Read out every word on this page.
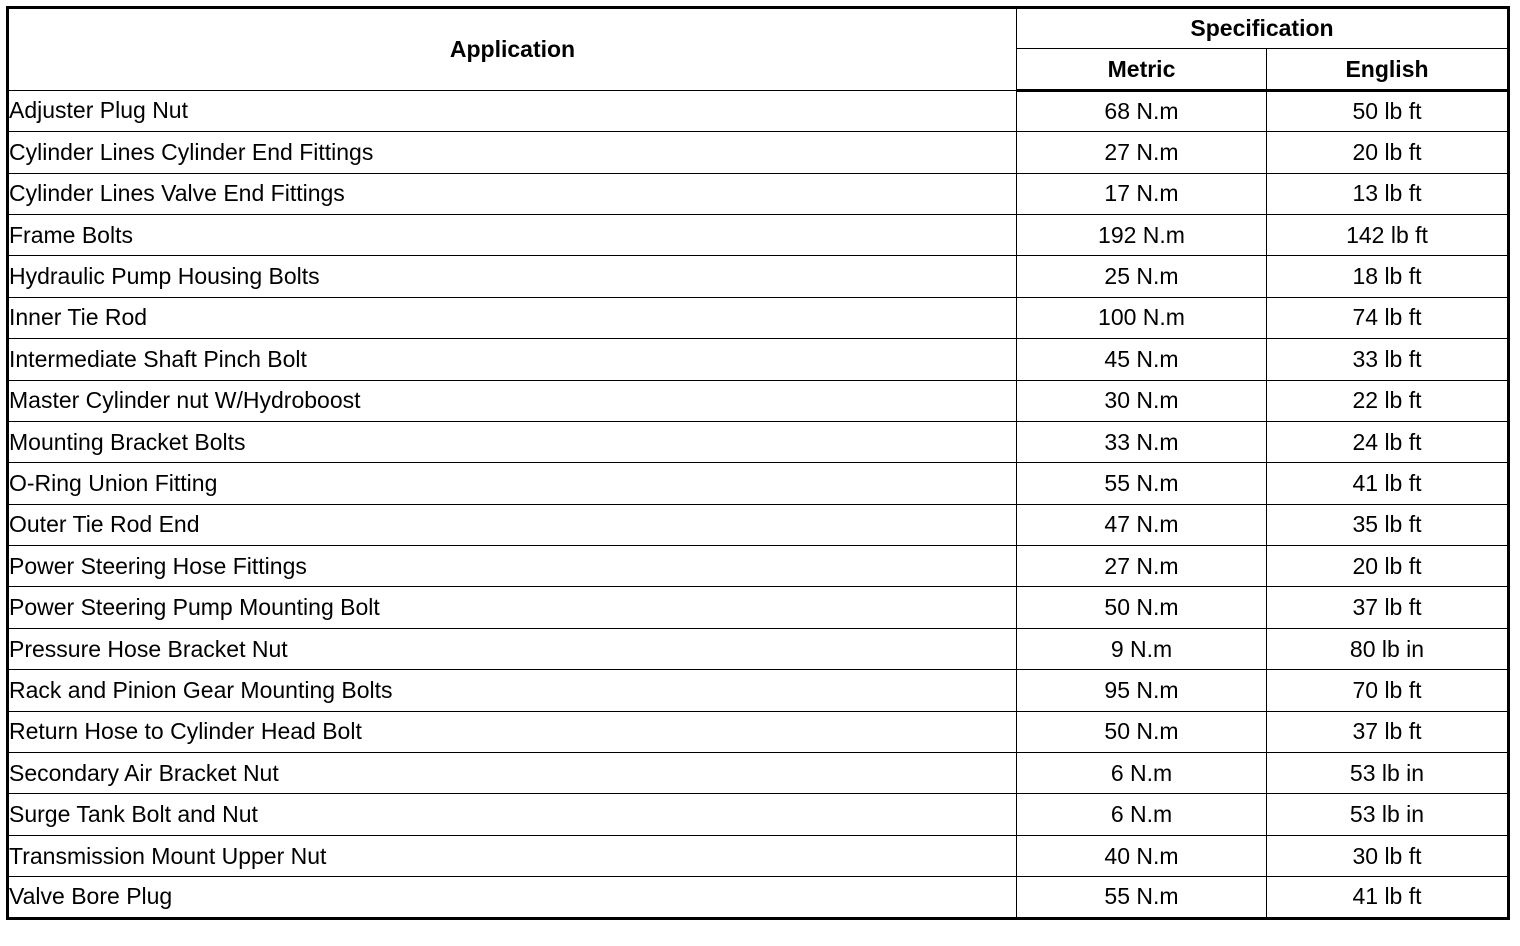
Application	Specification	
	Metric	English
Adjuster Plug Nut	68 N.m	50 lb ft
Cylinder Lines Cylinder End Fittings	27 N.m	20 lb ft
Cylinder Lines Valve End Fittings	17 N.m	13 lb ft
Frame Bolts	192 N.m	142 lb ft
Hydraulic Pump Housing Bolts	25 N.m	18 lb ft
Inner Tie Rod	100 N.m	74 lb ft
Intermediate Shaft Pinch Bolt	45 N.m	33 lb ft
Master Cylinder nut W/Hydroboost	30 N.m	22 lb ft
Mounting Bracket Bolts	33 N.m	24 lb ft
O-Ring Union Fitting	55 N.m	41 lb ft
Outer Tie Rod End	47 N.m	35 lb ft
Power Steering Hose Fittings	27 N.m	20 lb ft
Power Steering Pump Mounting Bolt	50 N.m	37 lb ft
Pressure Hose Bracket Nut	9 N.m	80 lb in
Rack and Pinion Gear Mounting Bolts	95 N.m	70 lb ft
Return Hose to Cylinder Head Bolt	50 N.m	37 lb ft
Secondary Air Bracket Nut	6 N.m	53 lb in
Surge Tank Bolt and Nut	6 N.m	53 lb in
Transmission Mount Upper Nut	40 N.m	30 lb ft
Valve Bore Plug	55 N.m	41 lb ft
